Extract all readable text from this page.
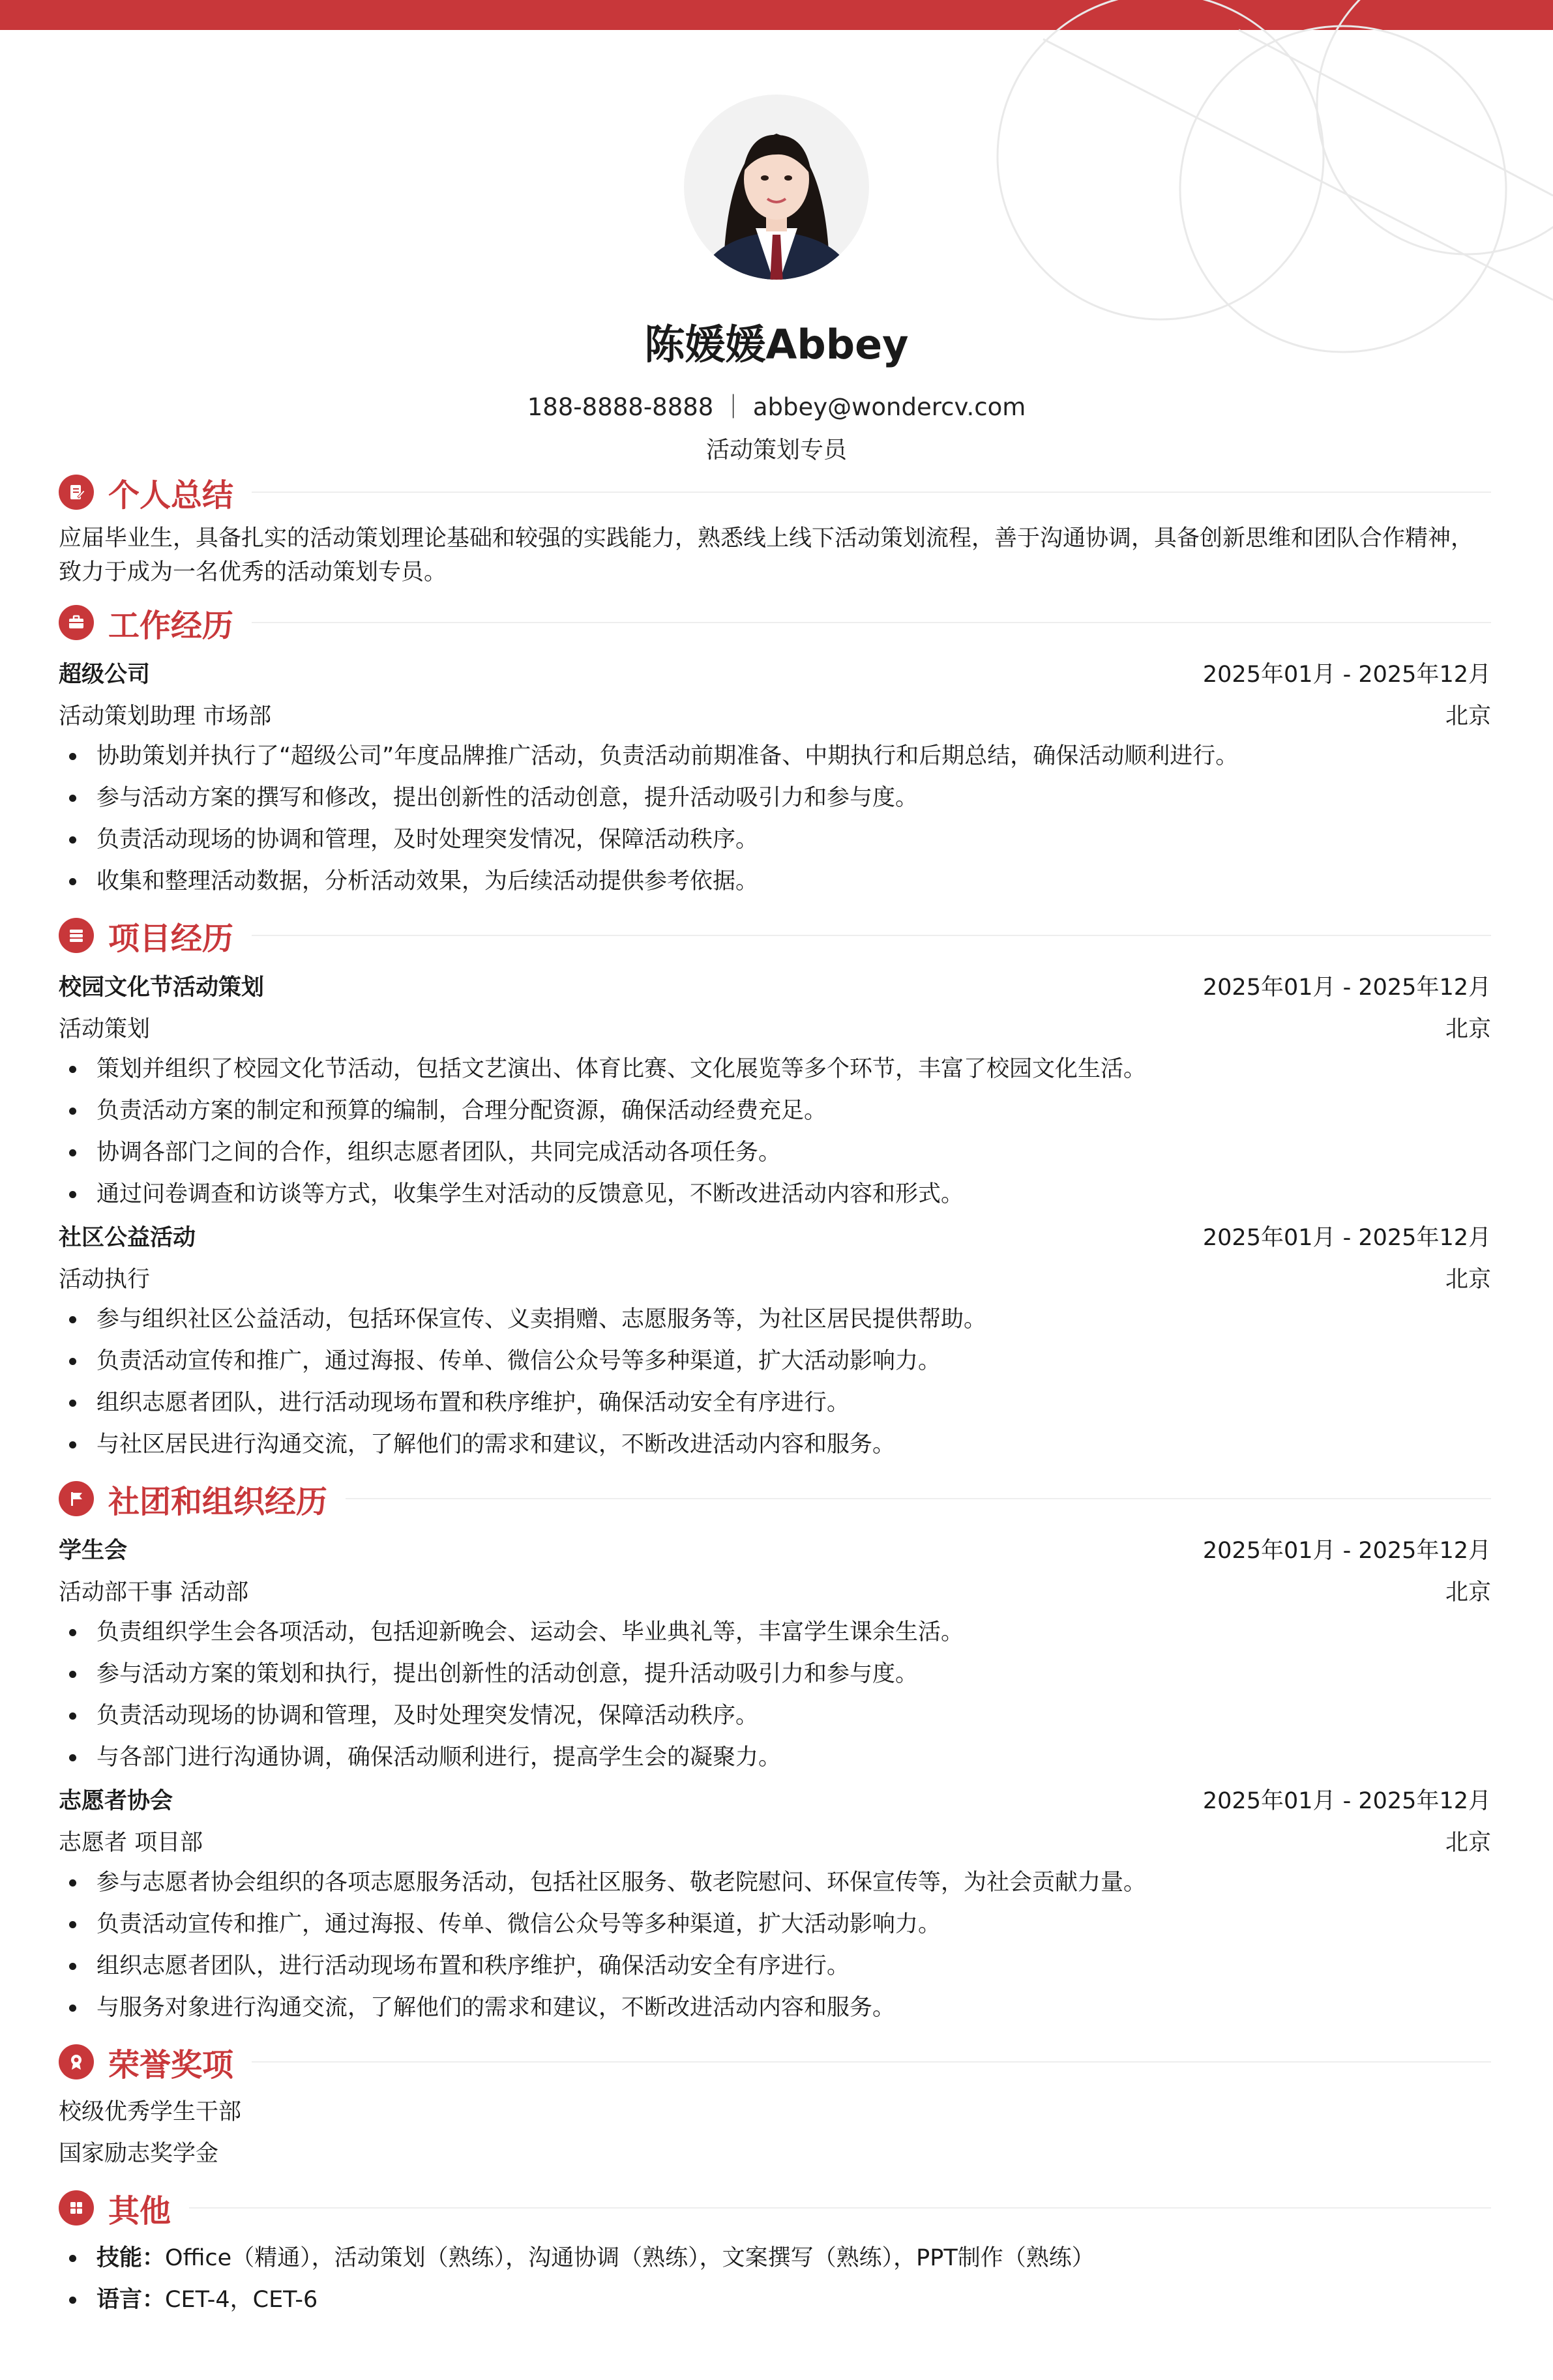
陈媛媛Abbey
188-8888-8888 ｜ abbey@wondercv.com
活动策划专员
个人总结
应届毕业生，具备扎实的活动策划理论基础和较强的实践能力，熟悉线上线下活动策划流程，善于沟通协调，具备创新思维和团队合作精神，致力于成为一名优秀的活动策划专员。
工作经历
超级公司	2025年01月 - 2025年12月
活动策划助理 市场部	北京
协助策划并执行了“超级公司”年度品牌推广活动，负责活动前期准备、中期执行和后期总结，确保活动顺利进行。
参与活动方案的撰写和修改，提出创新性的活动创意，提升活动吸引力和参与度。
负责活动现场的协调和管理，及时处理突发情况，保障活动秩序。
收集和整理活动数据，分析活动效果，为后续活动提供参考依据。
项目经历
校园文化节活动策划	2025年01月 - 2025年12月
活动策划	北京
策划并组织了校园文化节活动，包括文艺演出、体育比赛、文化展览等多个环节，丰富了校园文化生活。
负责活动方案的制定和预算的编制，合理分配资源，确保活动经费充足。
协调各部门之间的合作，组织志愿者团队，共同完成活动各项任务。
通过问卷调查和访谈等方式，收集学生对活动的反馈意见，不断改进活动内容和形式。
社区公益活动	2025年01月 - 2025年12月
活动执行	北京
参与组织社区公益活动，包括环保宣传、义卖捐赠、志愿服务等，为社区居民提供帮助。
负责活动宣传和推广，通过海报、传单、微信公众号等多种渠道，扩大活动影响力。
组织志愿者团队，进行活动现场布置和秩序维护，确保活动安全有序进行。
与社区居民进行沟通交流，了解他们的需求和建议，不断改进活动内容和服务。
社团和组织经历
学生会	2025年01月 - 2025年12月
活动部干事 活动部	北京
负责组织学生会各项活动，包括迎新晚会、运动会、毕业典礼等，丰富学生课余生活。
参与活动方案的策划和执行，提出创新性的活动创意，提升活动吸引力和参与度。
负责活动现场的协调和管理，及时处理突发情况，保障活动秩序。
与各部门进行沟通协调，确保活动顺利进行，提高学生会的凝聚力。
志愿者协会	2025年01月 - 2025年12月
志愿者 项目部	北京
参与志愿者协会组织的各项志愿服务活动，包括社区服务、敬老院慰问、环保宣传等，为社会贡献力量。
负责活动宣传和推广，通过海报、传单、微信公众号等多种渠道，扩大活动影响力。
组织志愿者团队，进行活动现场布置和秩序维护，确保活动安全有序进行。
与服务对象进行沟通交流，了解他们的需求和建议，不断改进活动内容和服务。
荣誉奖项
校级优秀学生干部
国家励志奖学金
其他
技能：Office（精通），活动策划（熟练），沟通协调（熟练），文案撰写（熟练），PPT制作（熟练）
语言：CET-4，CET-6
